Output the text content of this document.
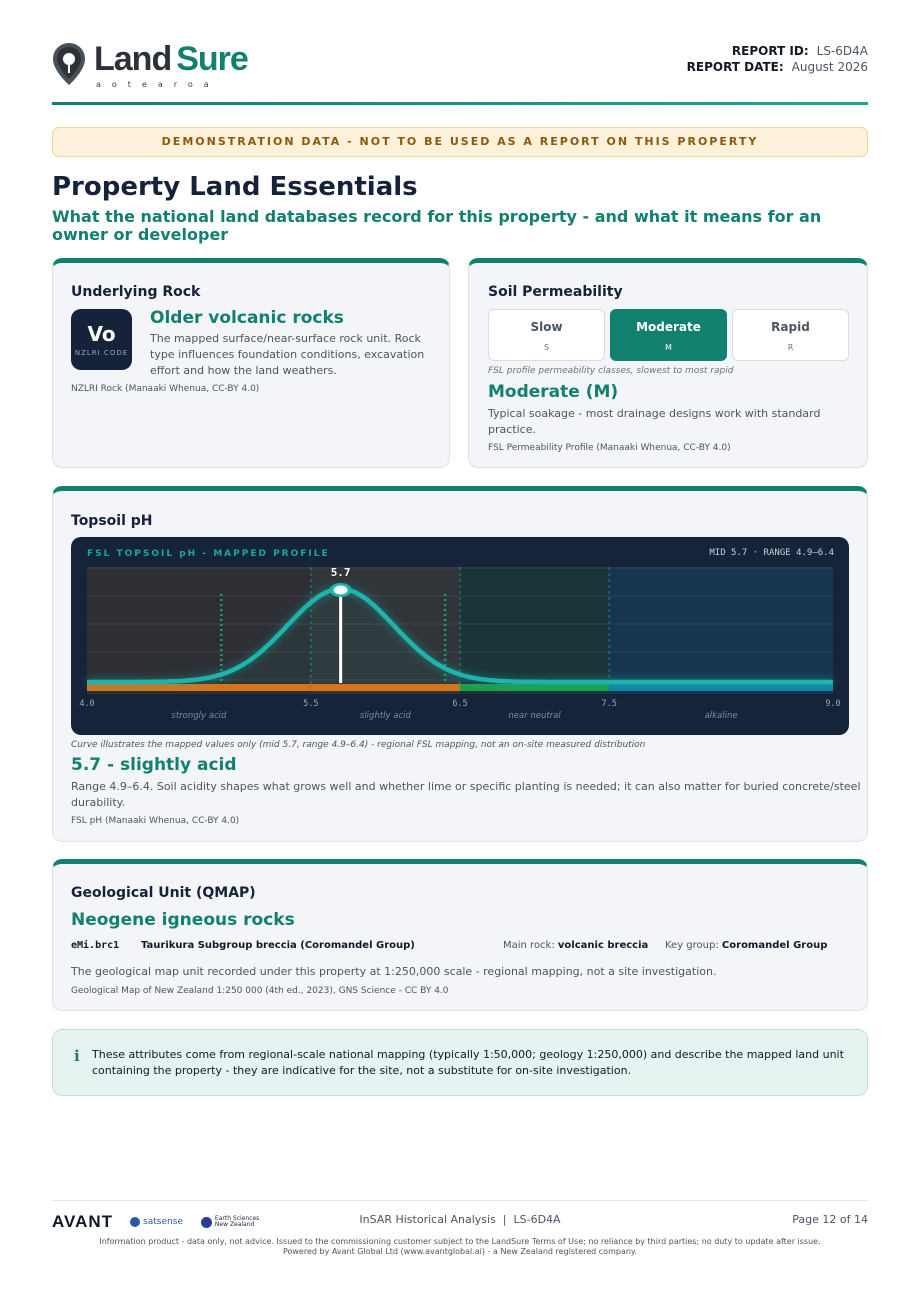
Land Sure
aotearoa
REPORT ID: LS-6D4A
REPORT DATE: August 2026
DEMONSTRATION DATA - NOT TO BE USED AS A REPORT ON THIS PROPERTY
Property Land Essentials
What the national land databases record for this property - and what it means for an owner or developer
Underlying Rock
Vo
NZLRI CODE
Older volcanic rocks
The mapped surface/near-surface rock unit. Rock type influences foundation conditions, excavation effort and how the land weathers.
NZLRI Rock (Manaaki Whenua, CC-BY 4.0)
Soil Permeability
Slow
S
Moderate
M
Rapid
R
FSL profile permeability classes, slowest to most rapid
Moderate (M)
Typical soakage - most drainage designs work with standard practice.
FSL Permeability Profile (Manaaki Whenua, CC-BY 4.0)
Topsoil pH
5.7
4.0	5.5	6.5	7.5	9.0
strongly acid	slightly acid	near neutral	alkaline
FSL TOPSOIL pH - MAPPED PROFILE	MID 5.7 · RANGE 4.9–6.4
Curve illustrates the mapped values only (mid 5.7, range 4.9–6.4) - regional FSL mapping, not an on-site measured distribution
5.7 - slightly acid
Range 4.9–6.4. Soil acidity shapes what grows well and whether lime or specific planting is needed; it can also matter for buried concrete/steel durability.
FSL pH (Manaaki Whenua, CC-BY 4.0)
Geological Unit (QMAP)
Neogene igneous rocks
eMi.brc1 Taurikura Subgroup breccia (Coromandel Group)	Main rock: volcanic breccia Key group: Coromandel Group
The geological map unit recorded under this property at 1:250,000 scale - regional mapping, not a site investigation.
Geological Map of New Zealand 1:250 000 (4th ed., 2023), GNS Science - CC BY 4.0
i These attributes come from regional-scale national mapping (typically 1:50,000; geology 1:250,000) and describe the mapped land unit containing the property - they are indicative for the site, not a substitute for on-site investigation.
AVANT	satsense	Earth Sciences New Zealand	InSAR Historical Analysis  |  LS-6D4A	Page 12 of 14
Information product - data only, not advice. Issued to the commissioning customer subject to the LandSure Terms of Use; no reliance by third parties; no duty to update after issue.
Powered by Avant Global Ltd (www.avantglobal.ai) - a New Zealand registered company.
